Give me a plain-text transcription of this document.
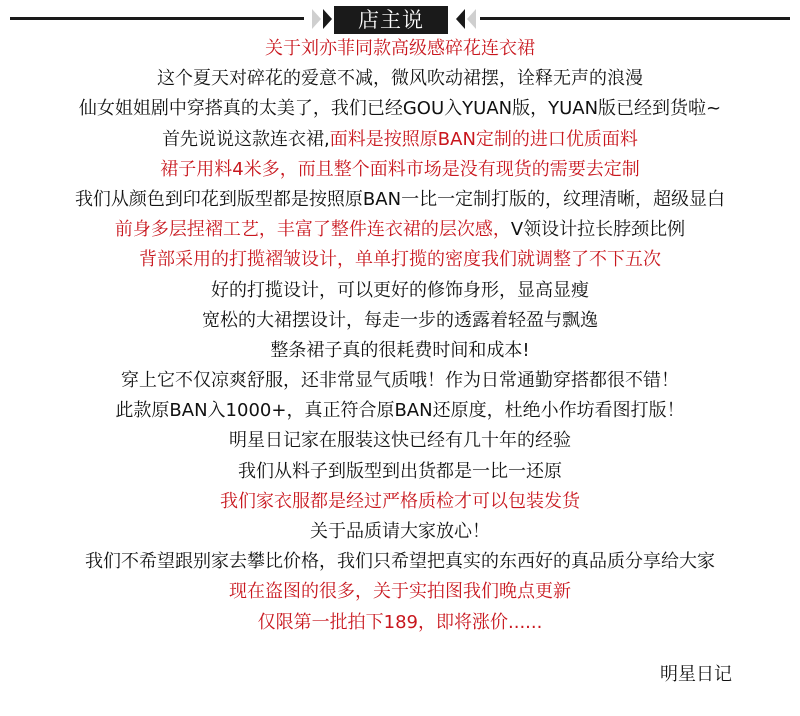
店主说
关于刘亦菲同款高级感碎花连衣裙
这个夏天对碎花的爱意不减，微风吹动裙摆，诠释无声的浪漫
仙女姐姐剧中穿搭真的太美了，我们已经GOU入YUAN版，YUAN版已经到货啦~
首先说说这款连衣裙,面料是按照原BAN定制的进口优质面料
裙子用料4米多，而且整个面料市场是没有现货的需要去定制
我们从颜色到印花到版型都是按照原BAN一比一定制打版的，纹理清晰，超级显白
前身多层捏褶工艺，丰富了整件连衣裙的层次感，V领设计拉长脖颈比例
背部采用的打揽褶皱设计，单单打揽的密度我们就调整了不下五次
好的打揽设计，可以更好的修饰身形，显高显瘦
宽松的大裙摆设计，每走一步的透露着轻盈与飘逸
整条裙子真的很耗费时间和成本!
穿上它不仅凉爽舒服，还非常显气质哦！作为日常通勤穿搭都很不错！
此款原BAN入1000+，真正符合原BAN还原度，杜绝小作坊看图打版！
明星日记家在服装这快已经有几十年的经验
我们从料子到版型到出货都是一比一还原
我们家衣服都是经过严格质检才可以包装发货
关于品质请大家放心！
我们不希望跟别家去攀比价格，我们只希望把真实的东西好的真品质分享给大家
现在盗图的很多，关于实拍图我们晚点更新
仅限第一批拍下189，即将涨价......
明星日记
